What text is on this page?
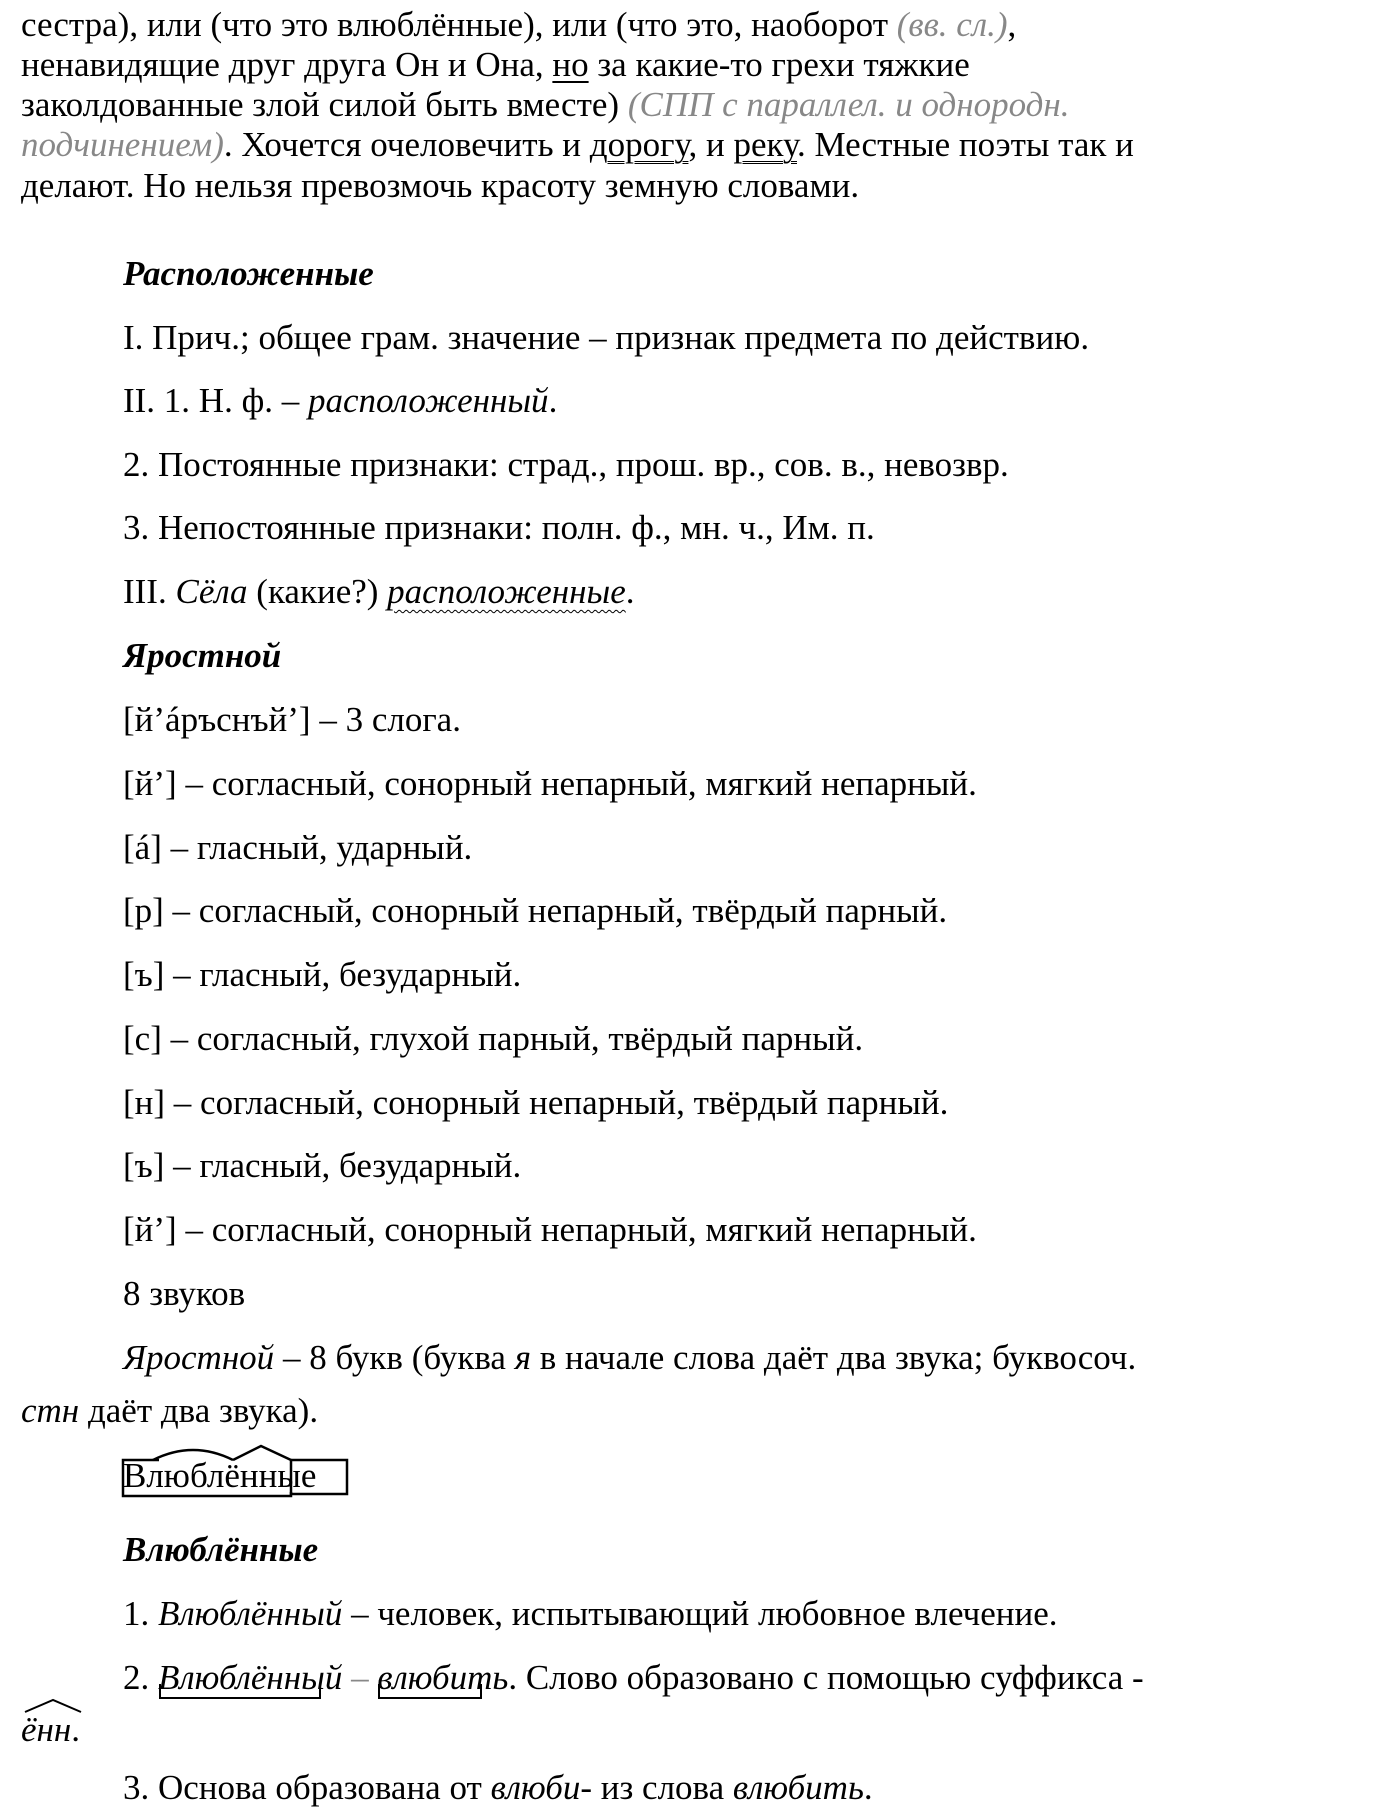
сестра), или (что это влюблённые), или (что это, наоборот (вв. сл.),
ненавидящие друг друга Он и Она, но за какие-то грехи тяжкие
заколдованные злой силой быть вместе) (СПП с параллел. и однородн.
подчинением). Хочется очеловечить и дорогу, и реку. Местные поэты так и
делают. Но нельзя превозмочь красоту земную словами.
Расположенные
I. Прич.; общее грам. значение – признак предмета по действию.
II. 1. Н. ф. – расположенный.
2. Постоянные признаки: страд., прош. вр., сов. в., невозвр.
3. Непостоянные признаки: полн. ф., мн. ч., Им. п.
III. Сёла (какие?) расположенные.
Яростной
[й’áръснъй’] – 3 слога.
[й’] – согласный, сонорный непарный, мягкий непарный.
[á] – гласный, ударный.
[р] – согласный, сонорный непарный, твёрдый парный.
[ъ] – гласный, безударный.
[с] – согласный, глухой парный, твёрдый парный.
[н] – согласный, сонорный непарный, твёрдый парный.
[ъ] – гласный, безударный.
[й’] – согласный, сонорный непарный, мягкий непарный.
8 звуков
Яростной – 8 букв (буква я в начале слова даёт два звука; буквосоч.
стн даёт два звука).
Влюблённые
Влюблённые
1. Влюблённый – человек, испытывающий любовное влечение.
2. Влюблённый
– влюбить
. Слово образовано с помощью суффикса -
ённ.
3. Основа образована от влюби- из слова влюбить.
